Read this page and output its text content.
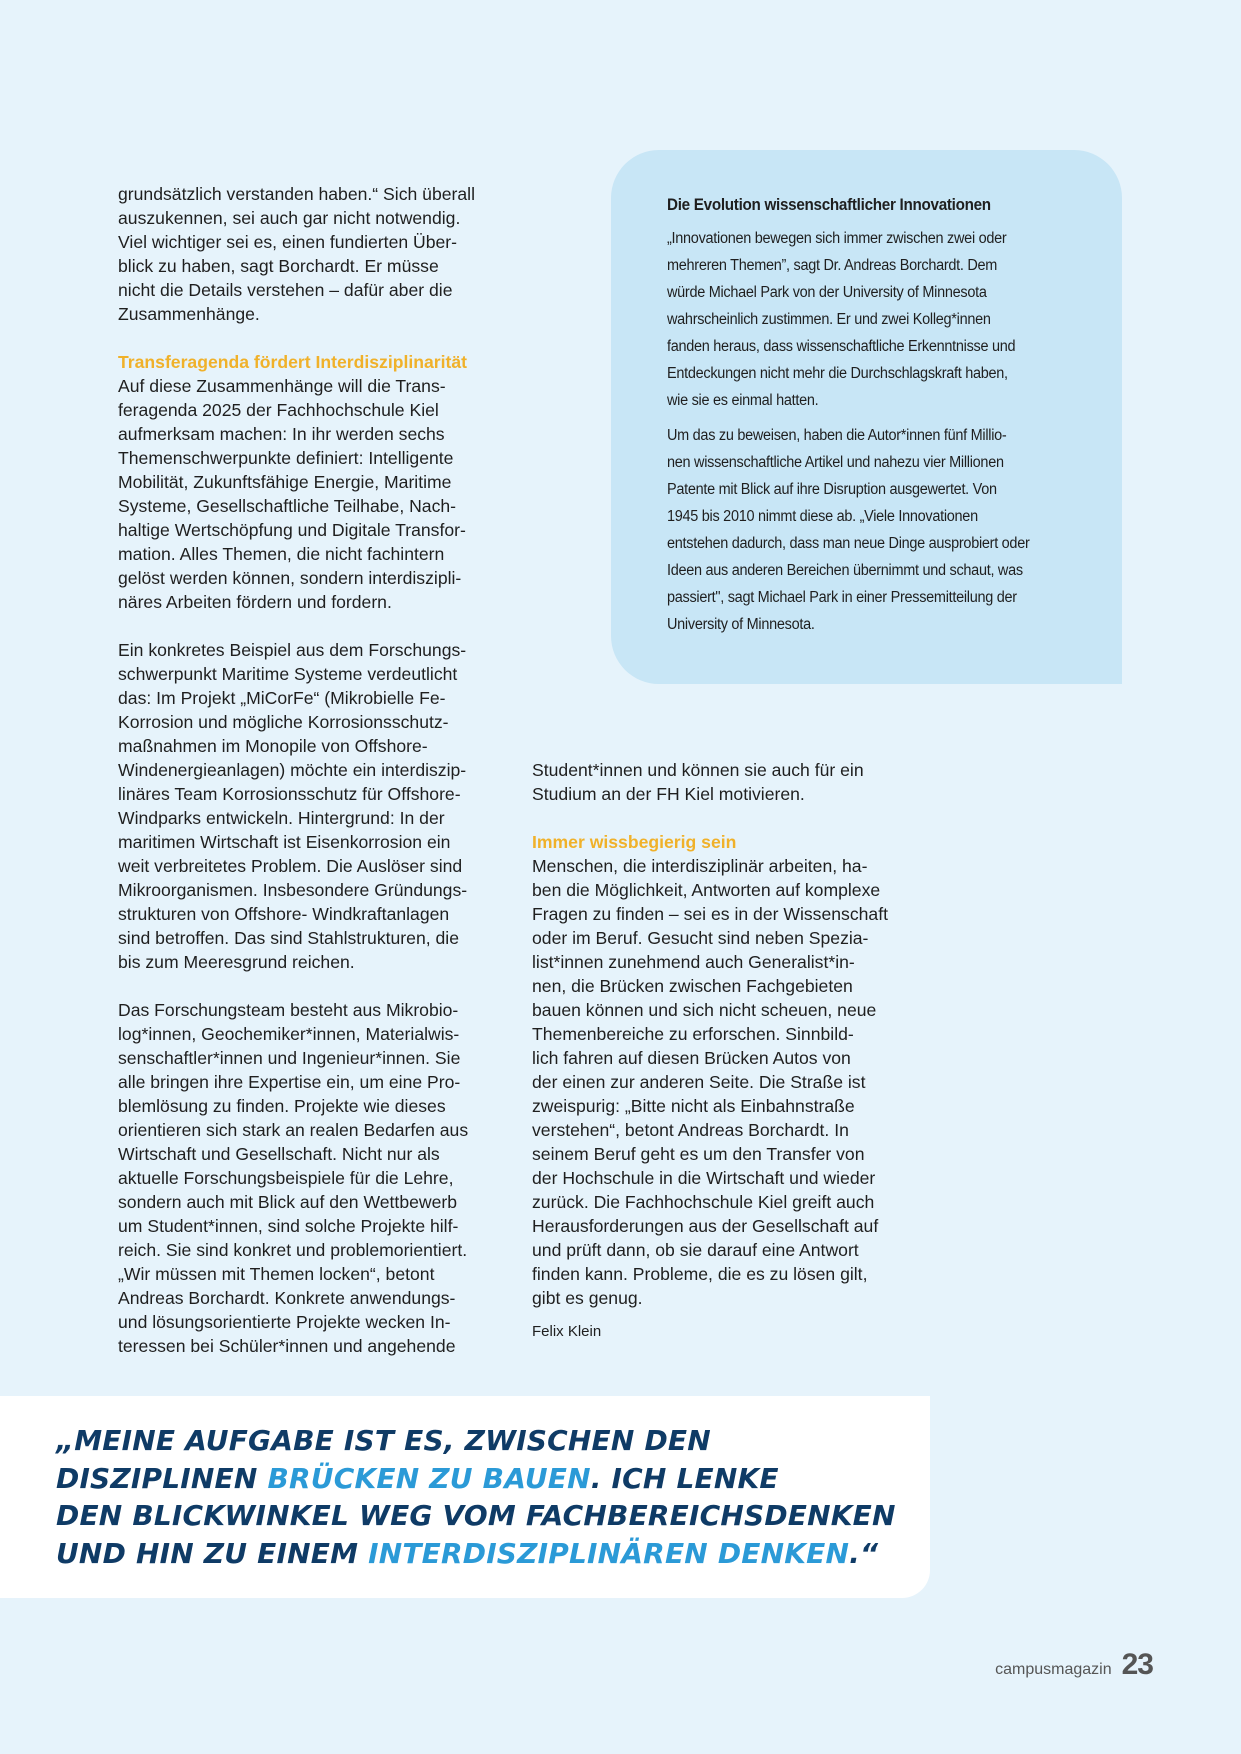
grundsätzlich verstanden haben.“ Sich überall
auszukennen, sei auch gar nicht notwendig.
Viel wichtiger sei es, einen fundierten Über-
blick zu haben, sagt Borchardt. Er müsse
nicht die Details verstehen – dafür aber die
Zusammenhänge.

Transferagenda fördert Interdisziplinarität

Auf diese Zusammenhänge will die Trans-
feragenda 2025 der Fachhochschule Kiel
aufmerksam machen: In ihr werden sechs
Themenschwerpunkte definiert: Intelligente
Mobilität, Zukunftsfähige Energie, Maritime
Systeme, Gesellschaftliche Teilhabe, Nach-
haltige Wertschöpfung und Digitale Transfor-
mation. Alles Themen, die nicht fachintern
gelöst werden können, sondern interdiszipli-
näres Arbeiten fördern und fordern.

Ein konkretes Beispiel aus dem Forschungs-
schwerpunkt Maritime Systeme verdeutlicht
das: Im Projekt „MiCorFe“ (Mikrobielle Fe-
Korrosion und mögliche Korrosionsschutz-
maßnahmen im Monopile von Offshore-
Windenergieanlagen) möchte ein interdiszip-
linäres Team Korrosionsschutz für Offshore-
Windparks entwickeln. Hintergrund: In der
maritimen Wirtschaft ist Eisenkorrosion ein
weit verbreitetes Problem. Die Auslöser sind
Mikroorganismen. Insbesondere Gründungs-
strukturen von Offshore- Windkraftanlagen
sind betroffen. Das sind Stahlstrukturen, die
bis zum Meeresgrund reichen.

Das Forschungsteam besteht aus Mikrobio-
log*innen, Geochemiker*innen, Materialwis-
senschaftler*innen und Ingenieur*innen. Sie
alle bringen ihre Expertise ein, um eine Pro-
blemlösung zu finden. Projekte wie dieses
orientieren sich stark an realen Bedarfen aus
Wirtschaft und Gesellschaft. Nicht nur als
aktuelle Forschungsbeispiele für die Lehre,
sondern auch mit Blick auf den Wettbewerb
um Student*innen, sind solche Projekte hilf-
reich. Sie sind konkret und problemorientiert.
„Wir müssen mit Themen locken“, betont
Andreas Borchardt. Konkrete anwendungs-
und lösungsorientierte Projekte wecken In-
teressen bei Schüler*innen und angehende

Die Evolution wissenschaftlicher Innovationen

„Innovationen bewegen sich immer zwischen zwei oder
mehreren Themen”, sagt Dr. Andreas Borchardt. Dem
würde Michael Park von der University of Minnesota
wahrscheinlich zustimmen. Er und zwei Kolleg*innen
fanden heraus, dass wissenschaftliche Erkenntnisse und
Entdeckungen nicht mehr die Durchschlagskraft haben,
wie sie es einmal hatten.

Um das zu beweisen, haben die Autor*innen fünf Millio-
nen wissenschaftliche Artikel und nahezu vier Millionen
Patente mit Blick auf ihre Disruption ausgewertet. Von
1945 bis 2010 nimmt diese ab. „Viele Innovationen
entstehen dadurch, dass man neue Dinge ausprobiert oder
Ideen aus anderen Bereichen übernimmt und schaut, was
passiert", sagt Michael Park in einer Pressemitteilung der
University of Minnesota.

Student*innen und können sie auch für ein
Studium an der FH Kiel motivieren.

Immer wissbegierig sein

Menschen, die interdisziplinär arbeiten, ha-
ben die Möglichkeit, Antworten auf komplexe
Fragen zu finden – sei es in der Wissenschaft
oder im Beruf. Gesucht sind neben Spezia-
list*innen zunehmend auch Generalist*in-
nen, die Brücken zwischen Fachgebieten
bauen können und sich nicht scheuen, neue
Themenbereiche zu erforschen. Sinnbild-
lich fahren auf diesen Brücken Autos von
der einen zur anderen Seite. Die Straße ist
zweispurig: „Bitte nicht als Einbahnstraße
verstehen“, betont Andreas Borchardt. In
seinem Beruf geht es um den Transfer von
der Hochschule in die Wirtschaft und wieder
zurück. Die Fachhochschule Kiel greift auch
Herausforderungen aus der Gesellschaft auf
und prüft dann, ob sie darauf eine Antwort
finden kann. Probleme, die es zu lösen gilt,
gibt es genug.

Felix Klein

„MEINE AUFGABE IST ES, ZWISCHEN DEN
DISZIPLINEN BRÜCKEN ZU BAUEN. ICH LENKE
DEN BLICKWINKEL WEG VOM FACHBEREICHSDENKEN
UND HIN ZU EINEM INTERDISZIPLINÄREN DENKEN.“

campusmagazin 23
